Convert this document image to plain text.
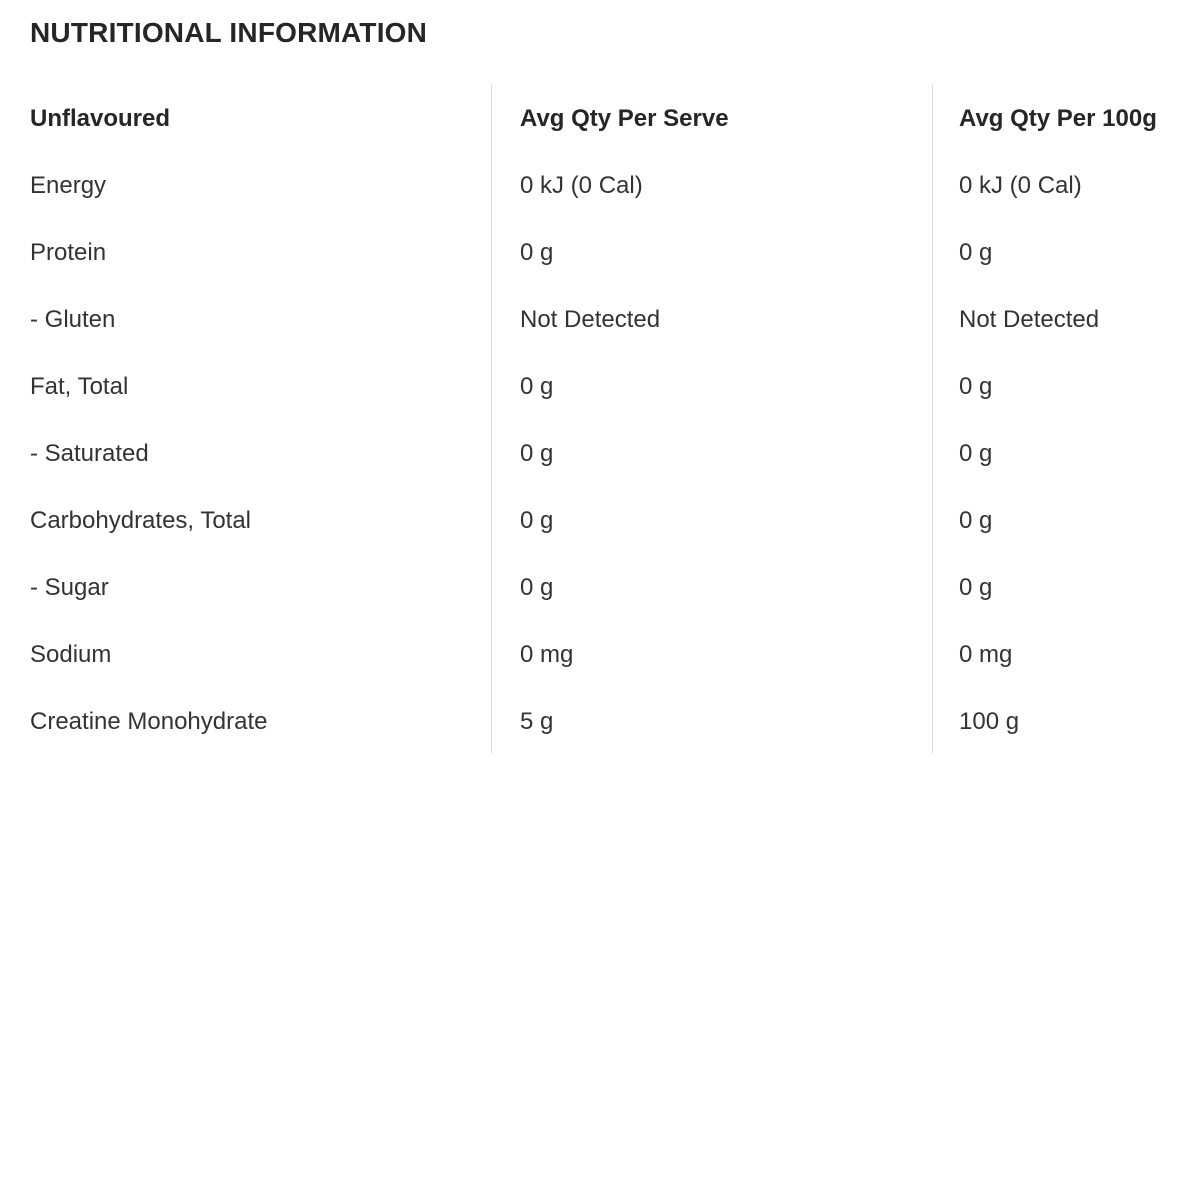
NUTRITIONAL INFORMATION
Unflavoured	Avg Qty Per Serve	Avg Qty Per 100g
Energy	0 kJ (0 Cal)	0 kJ (0 Cal)
Protein	0 g	0 g
- Gluten	Not Detected	Not Detected
Fat, Total	0 g	0 g
- Saturated	0 g	0 g
Carbohydrates, Total	0 g	0 g
- Sugar	0 g	0 g
Sodium	0 mg	0 mg
Creatine Monohydrate	5 g	100 g
